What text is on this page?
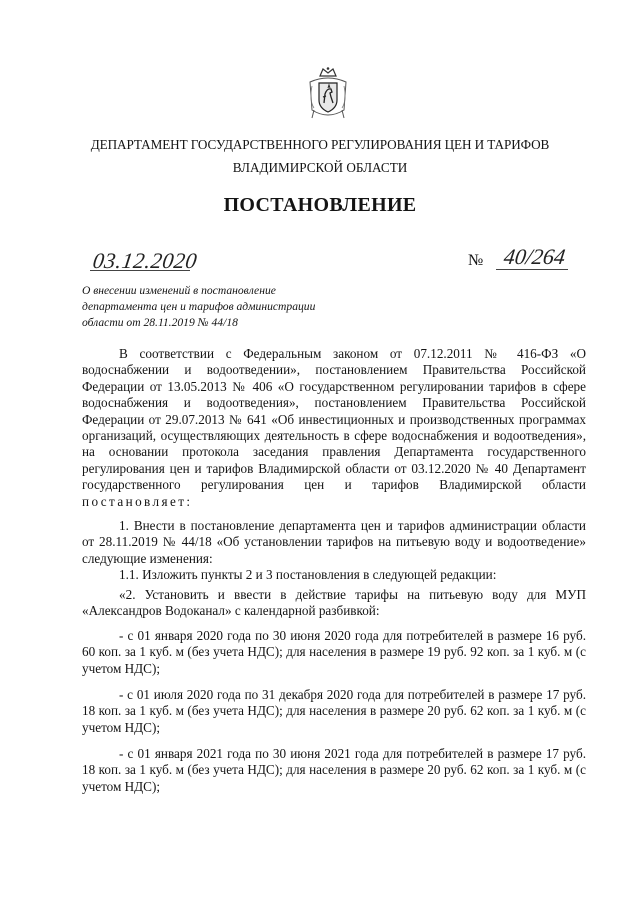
ДЕПАРТАМЕНТ ГОСУДАРСТВЕННОГО РЕГУЛИРОВАНИЯ ЦЕН И ТАРИФОВ
ВЛАДИМИРСКОЙ ОБЛАСТИ
ПОСТАНОВЛЕНИЕ
03.12.2020	№ 40/264
О внесении изменений в постановление департамента цен и тарифов администрации области от 28.11.2019 № 44/18
В соответствии с Федеральным законом от 07.12.2011 № 416-ФЗ «О водоснабжении и водоотведении», постановлением Правительства Российской Федерации от 13.05.2013 № 406 «О государственном регулировании тарифов в сфере водоснабжения и водоотведения», постановлением Правительства Российской Федерации от 29.07.2013 № 641 «Об инвестиционных и производственных программах организаций, осуществляющих деятельность в сфере водоснабжения и водоотведения», на основании протокола заседания правления Департамента государственного регулирования цен и тарифов Владимирской области от 03.12.2020 № 40 Департамент государственного регулирования цен и тарифов Владимирской области постановляет:
1. Внести в постановление департамента цен и тарифов администрации области от 28.11.2019 № 44/18 «Об установлении тарифов на питьевую воду и водоотведение» следующие изменения:
1.1. Изложить пункты 2 и 3 постановления в следующей редакции:
«2. Установить и ввести в действие тарифы на питьевую воду для МУП «Александров Водоканал» с календарной разбивкой:
- с 01 января 2020 года по 30 июня 2020 года для потребителей в размере 16 руб. 60 коп. за 1 куб. м (без учета НДС); для населения в размере 19 руб. 92 коп. за 1 куб. м (с учетом НДС);
- с 01 июля 2020 года по 31 декабря 2020 года для потребителей в размере 17 руб. 18 коп. за 1 куб. м (без учета НДС); для населения в размере 20 руб. 62 коп. за 1 куб. м (с учетом НДС);
- с 01 января 2021 года по 30 июня 2021 года для потребителей в размере 17 руб. 18 коп. за 1 куб. м (без учета НДС); для населения в размере 20 руб. 62 коп. за 1 куб. м (с учетом НДС);
